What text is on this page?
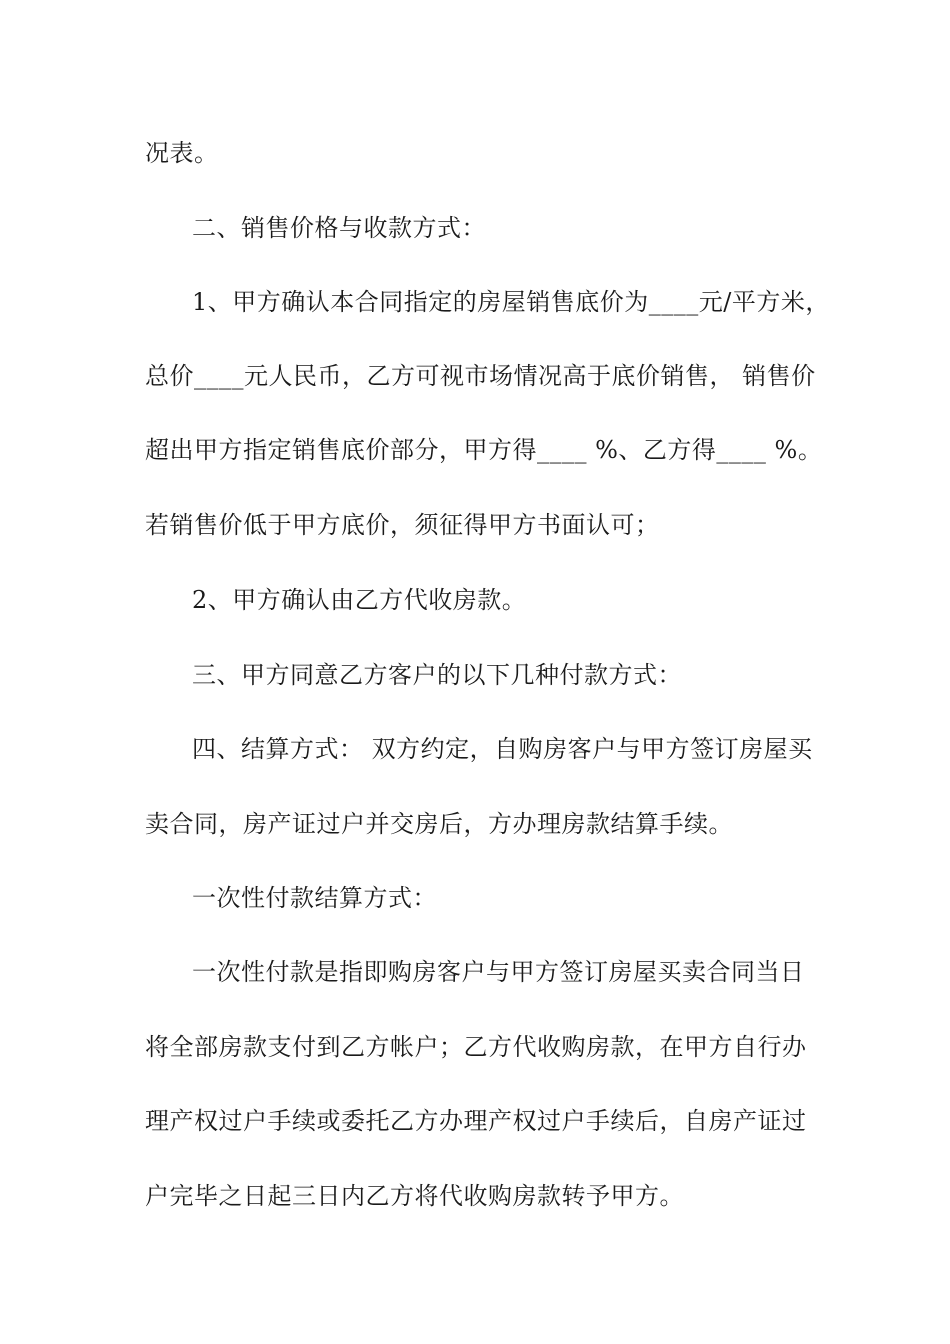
况表。
二、销售价格与收款方式：
1、甲方确认本合同指定的房屋销售底价为____元/平方米，
总价____元人民币，乙方可视市场情况高于底价销售， 销售价
超出甲方指定销售底价部分，甲方得____ %、乙方得____ %。
若销售价低于甲方底价，须征得甲方书面认可；
2、甲方确认由乙方代收房款。
三、甲方同意乙方客户的以下几种付款方式：
四、结算方式： 双方约定，自购房客户与甲方签订房屋买
卖合同，房产证过户并交房后，方办理房款结算手续。
一次性付款结算方式：
一次性付款是指即购房客户与甲方签订房屋买卖合同当日
将全部房款支付到乙方帐户；乙方代收购房款，在甲方自行办
理产权过户手续或委托乙方办理产权过户手续后，自房产证过
户完毕之日起三日内乙方将代收购房款转予甲方。
